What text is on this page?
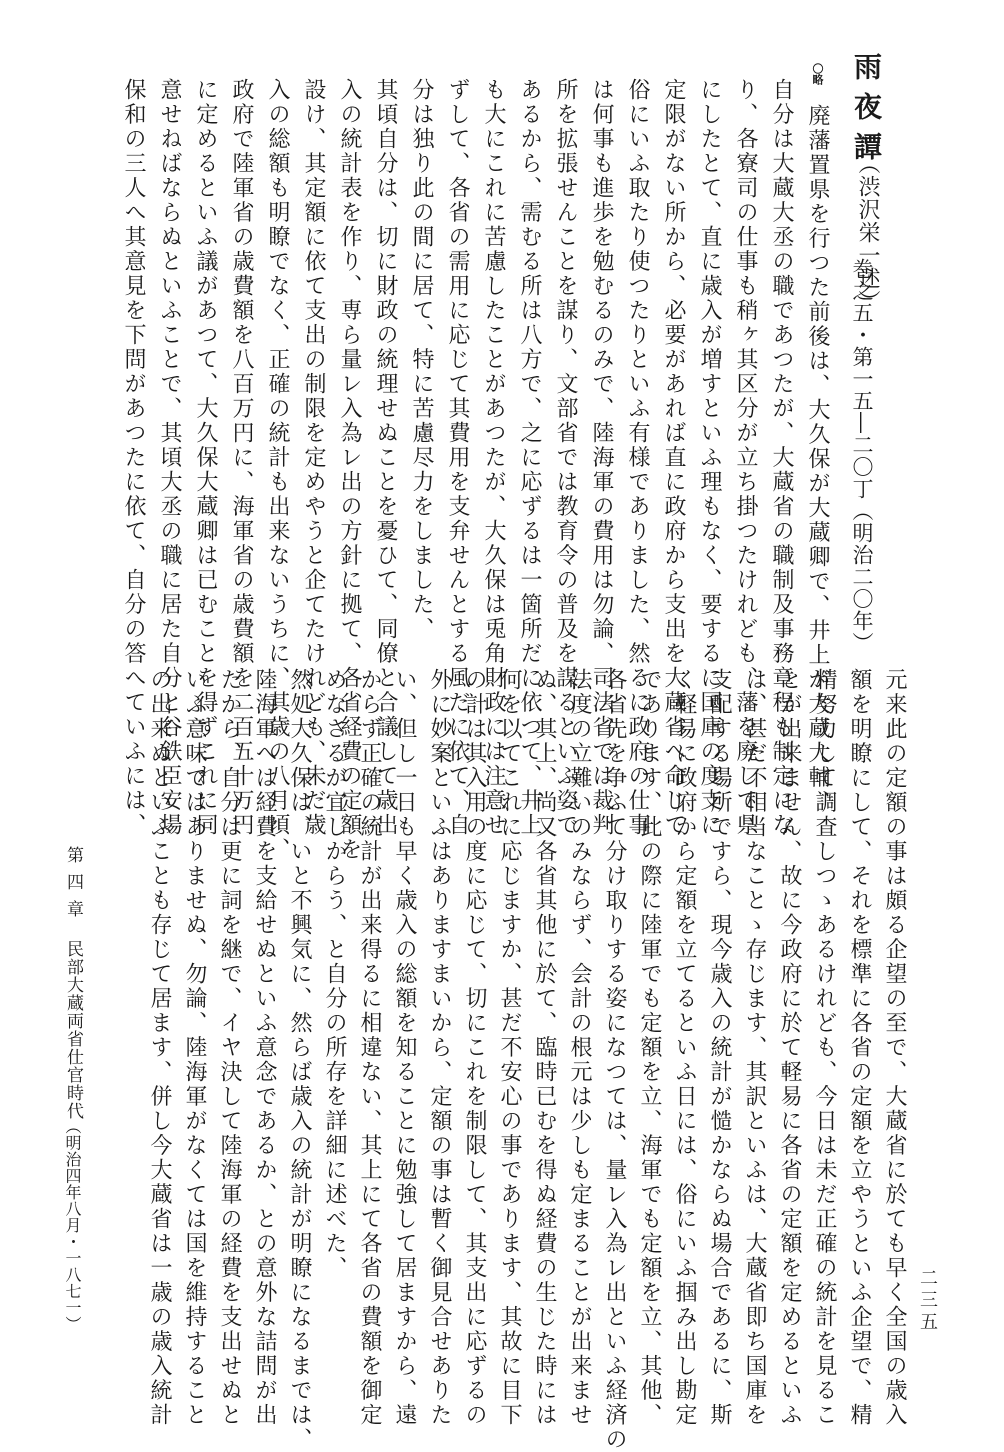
雨夜譚
（渋沢栄一述）
巻之五・第一五―二〇丁
（明治二〇年）
〇略
廃藩置県を行つた前後は、大久保が大蔵卿で、井上が大蔵大輔、
自分は大蔵大丞の職であつたが、大蔵省の職制及事務章程も制定にな
り、各寮司の仕事も稍ヶ其区分が立ち掛つたけれども、藩を廃して県
にしたとて、直に歳入が増すといふ理もなく、要するに国庫の度支に
定限がない所から、必要があれば直に政府から支出を大蔵省へ命じて
俗にいふ取たり使つたりといふ有様でありました、然るに政府の仕事
は何事も進歩を勉むるのみで、陸海軍の費用は勿論、司法省では裁判
所を拡張せんことを謀り、文部省では教育令の普及を謀るといふ姿で
あるから、需むる所は八方で、之に応ずるは一箇所だに依つて、井上
も大にこれに苦慮したことがあつたが、大久保は兎角財政には注意せ
ずして、各省の需用に応じて其費用を支弁せんとする風だに依て、自
分は独り此の間に居て、特に苦慮尽力をしました、
其頃自分は、切に財政の統理せぬことを憂ひて、同僚と合議して歳出
入の統計表を作り、専ら量レ入為レ出の方針に拠て、各省経費の定額を
設け、其定額に依て支出の制限を定めやうと企てたけれども、未だ歳
入の総額も明瞭でなく、正確の統計も出来ないうちに、其歳の八月頃、
政府で陸軍省の歳費額を八百万円に、海軍省の歳費額を二百五十万円
に定めるといふ議があつて、大久保大蔵卿は已むことを得ずこれに同
意せねばならぬといふことで、其頃大丞の職に居た自分と谷鉄臣安場
保和の三人へ其意見を下問があつたに依て、自分の答へていふには、
元来此の定額の事は頗る企望の至で、大蔵省に於ても早く全国の歳入
額を明瞭にして、それを標準に各省の定額を立やうといふ企望で、精
精努力して調査しつゝあるけれども、今日は未だ正確の統計を見るこ
とが出来ません、故に今政府に於て軽易に各省の定額を定めるといふ
は、甚だ不相当なことゝ存じます、其訳といふは、大蔵省即ち国庫を
支配する場所ですら、現今歳入の統計が慥かならぬ場合であるに、斯
く軽易に政府から定額を立てるといふ日には、俗にいふ掴み出し勘定
であります、此の際に陸軍でも定額を立、海軍でも定額を立、其他、
各省先を争ふて分け取りする姿になつては、量レ入為レ出といふ経済の
法度の立難いのみならず、会計の根元は少しも定まることが出来ませ
ぬ、其上、尚又各省其他に於て、臨時已むを得ぬ経費の生じた時には
何を以てこれに応じますか、甚だ不安心の事であります、其故に目下
の計は其入用の度に応じて、切にこれを制限して、其支出に応ずるの
外に妙案といふはありますまいから、定額の事は暫く御見合せありた
い、但し一日も早く歳入の総額を知ることに勉強して居ますから、遠
からず正確の統計が出来得るに相違ない、其上にて各省の費額を御定
めなさるが宜しからう、と自分の所存を詳細に述べた、
然処大久保は、いと不興気に、然らば歳入の統計が明瞭になるまでは、
陸海軍へは経費を支給せぬといふ意念であるか、との意外な詰問が出
たから、自分は更に詞を継で、イヤ決して陸海軍の経費を支出せぬと
いふ意味ではありませぬ、勿論、陸海軍がなくては国を維持すること
の出来ぬといふことも存じて居ます、併し今大蔵省は一歳の歳入統計
第四章
民部大蔵両省仕官時代
（明治四年八月・一八七一）	二三五
